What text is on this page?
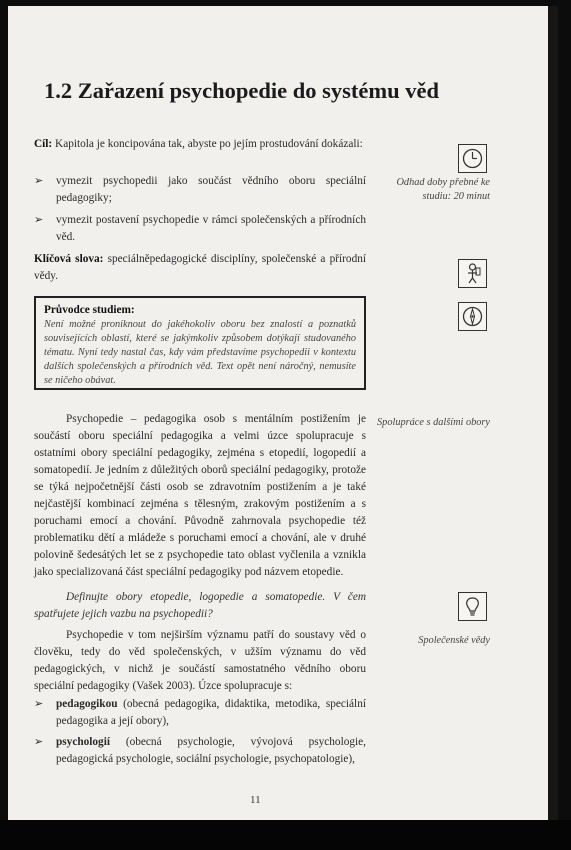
1.2 Zařazení psychopedie do systému věd
Cíl: Kapitola je koncipována tak, abyste po jejím prostudování dokázali:
➢ vymezit psychopedii jako součást vědního oboru speciální pedagogiky;
➢ vymezit postavení psychopedie v rámci společenských a přírodních věd.
Klíčová slova: speciálněpedagogické disciplíny, společenské a přírodní vědy.
Průvodce studiem:
Není možné proniknout do jakéhokoliv oboru bez znalostí a poznatků souvisejících oblastí, které se jakýmkoliv způsobem dotýkají studovaného tématu. Nyní tedy nastal čas, kdy vám představíme psychopedii v kontextu dalších společenských a přírodních věd. Text opět není náročný, nemusíte se ničeho obávat.
Psychopedie – pedagogika osob s mentálním postižením je součástí oboru speciální pedagogika a velmi úzce spolupracuje s ostatními obory speciální pedagogiky, zejména s etopedií, logopedií a somatopedií. Je jedním z důležitých oborů speciální pedagogiky, protože se týká nejpočetnější části osob se zdravotním postižením a je také nejčastější kombinací zejména s tělesným, zrakovým postižením a s poruchami emocí a chování. Původně zahrnovala psychopedie též problematiku dětí a mládeže s poruchami emocí a chování, ale v druhé polovině šedesátých let se z psychopedie tato oblast vyčlenila a vznikla jako specializovaná část speciální pedagogiky pod názvem etopedie.
Definujte obory etopedie, logopedie a somatopedie. V čem spatřujete jejich vazbu na psychopedii?
Psychopedie v tom nejširším významu patří do soustavy věd o člověku, tedy do věd společenských, v užším významu do věd pedagogických, v nichž je součástí samostatného vědního oboru speciální pedagogiky (Vašek 2003). Úzce spolupracuje s:
➢ pedagogikou (obecná pedagogika, didaktika, metodika, speciální pedagogika a její obory),
➢ psychologií (obecná psychologie, vývojová psychologie, pedagogická psychologie, sociální psychologie, psychopatologie),
Odhad doby přebné ke studiu: 20 minut
Spolupráce s dalšími obory
Společenské vědy
11
